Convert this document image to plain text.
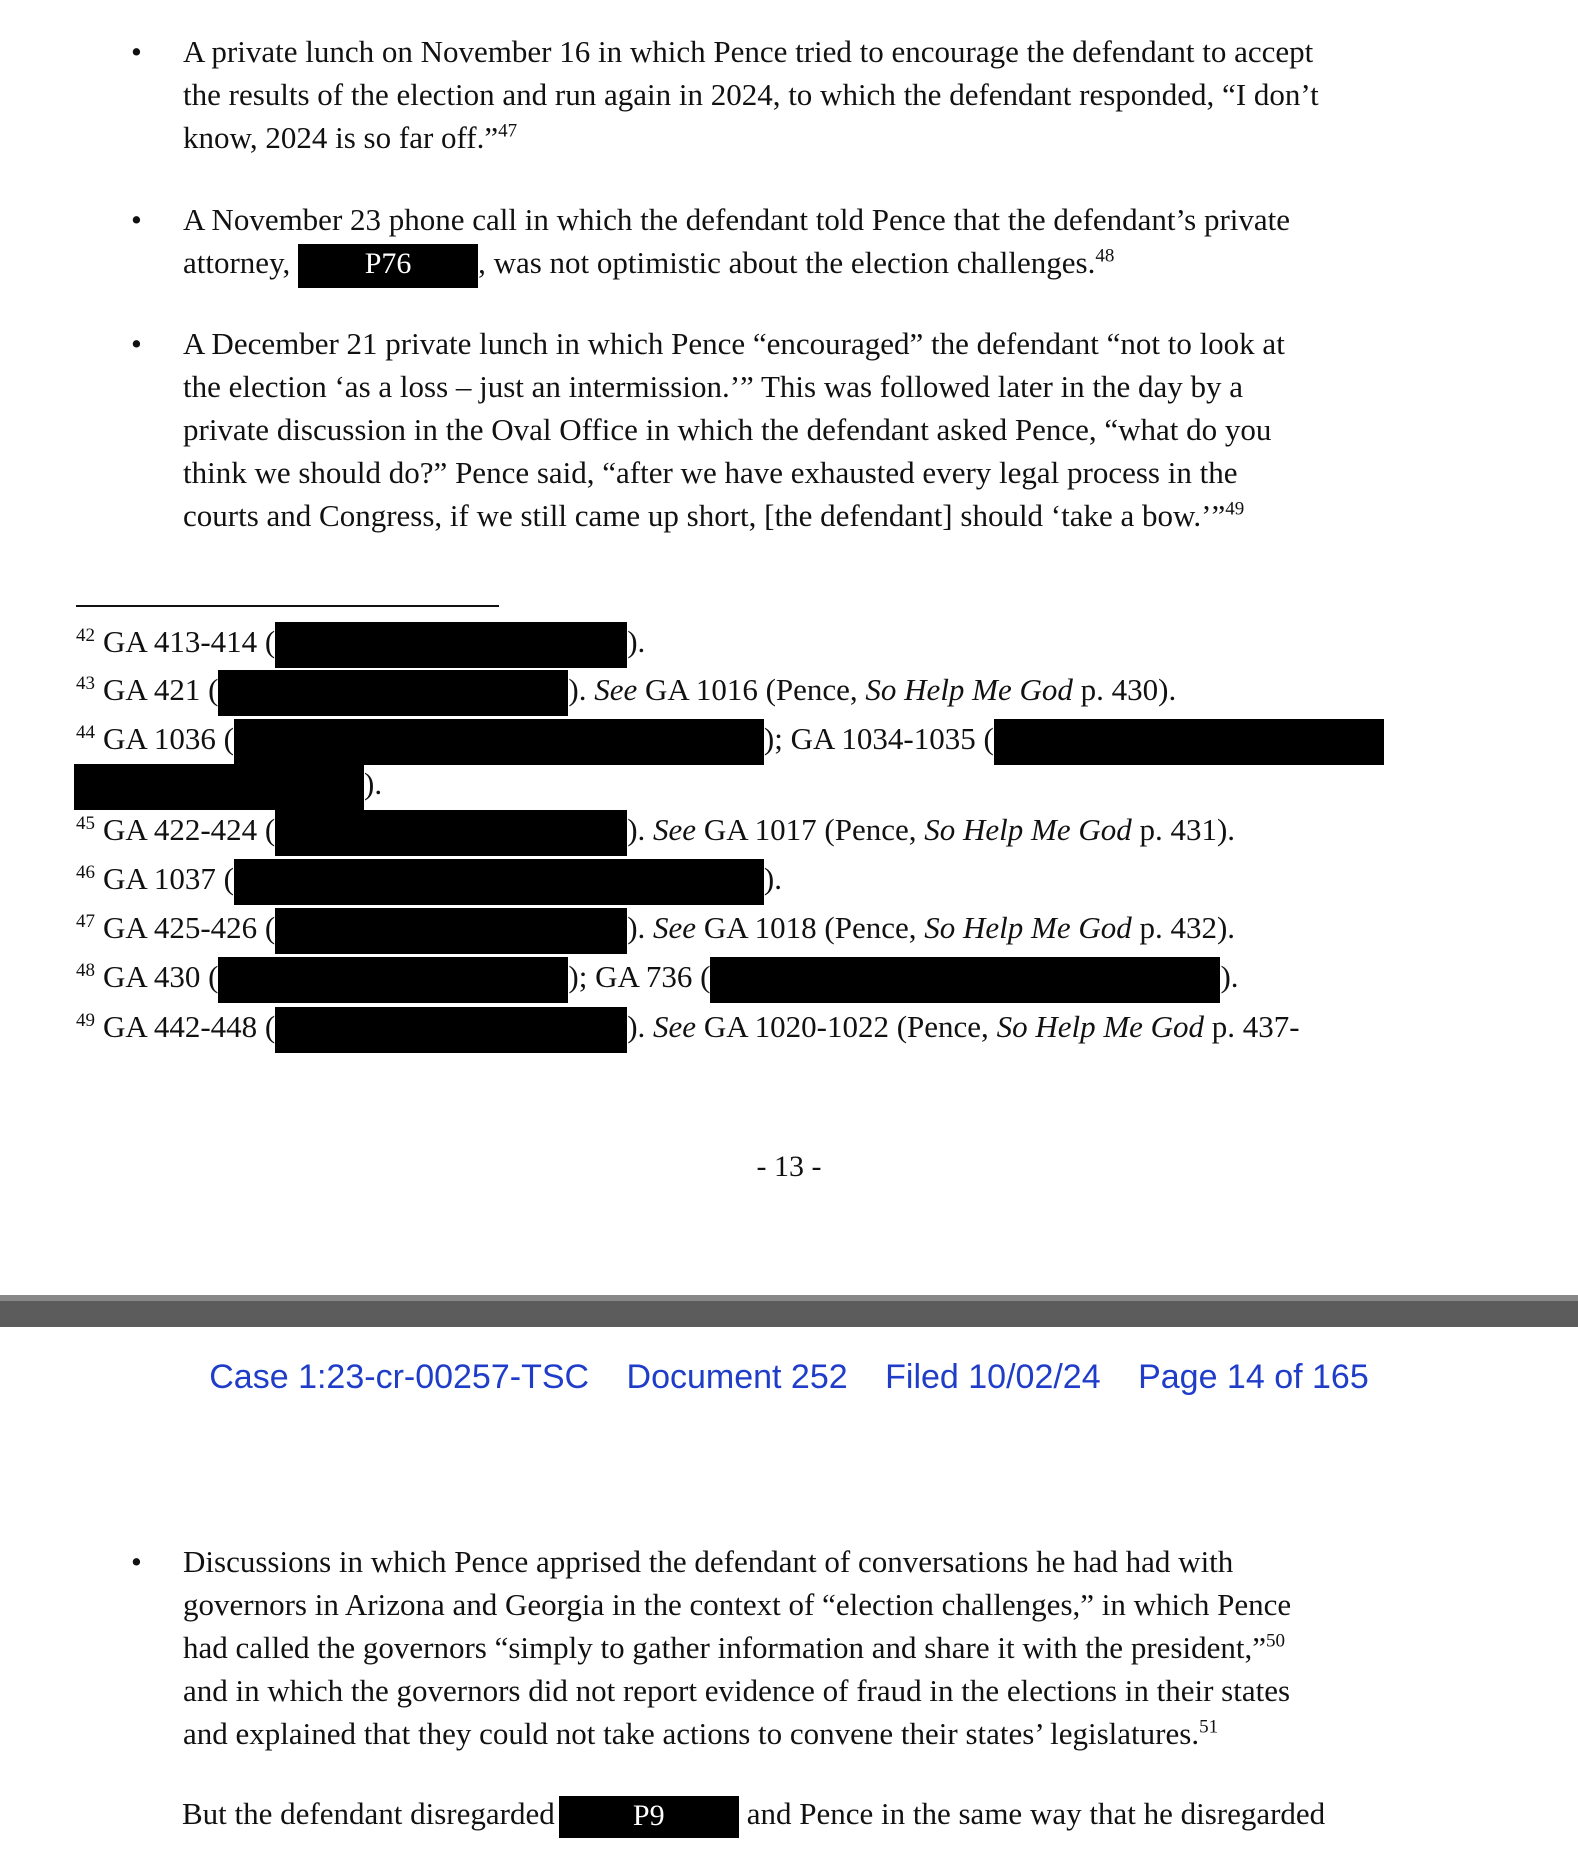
•	A private lunch on November 16 in which Pence tried to encourage the defendant to accept
the results of the election and run again in 2024, to which the defendant responded, “I don’t
know, 2024 is so far off.”$^{47}$
•	A November 23 phone call in which the defendant told Pence that the defendant’s private
attorney, P76 , was not optimistic about the election challenges.$^{48}$
•	A December 21 private lunch in which Pence “encouraged” the defendant “not to look at
the election ‘as a loss – just an intermission.’” This was followed later in the day by a
private discussion in the Oval Office in which the defendant asked Pence, “what do you
think we should do?” Pence said, “after we have exhausted every legal process in the
courts and Congress, if we still came up short, [the defendant] should ‘take a bow.’”$^{49}$
$^{42}$ GA 413-414 (	).
$^{43}$ GA 421 (	). See GA 1016 (Pence, So Help Me God p. 430).
$^{44}$ GA 1036 (	); GA 1034-1035 (
).
$^{45}$ GA 422-424 (	). See GA 1017 (Pence, So Help Me God p. 431).
$^{46}$ GA 1037 (	).
$^{47}$ GA 425-426 (	). See GA 1018 (Pence, So Help Me God p. 432).
$^{48}$ GA 430 (	); GA 736 (	).
$^{49}$ GA 442-448 (	). See GA 1020-1022 (Pence, So Help Me God p. 437-
- 13 -
Case 1:23-cr-00257-TSC Document 252 Filed 10/02/24 Page 14 of 165
•	Discussions in which Pence apprised the defendant of conversations he had had with
governors in Arizona and Georgia in the context of “election challenges,” in which Pence
had called the governors “simply to gather information and share it with the president,”$^{50}$
and in which the governors did not report evidence of fraud in the elections in their states
and explained that they could not take actions to convene their states’ legislatures.$^{51}$
But the defendant disregarded	P9	and Pence in the same way that he disregarded
